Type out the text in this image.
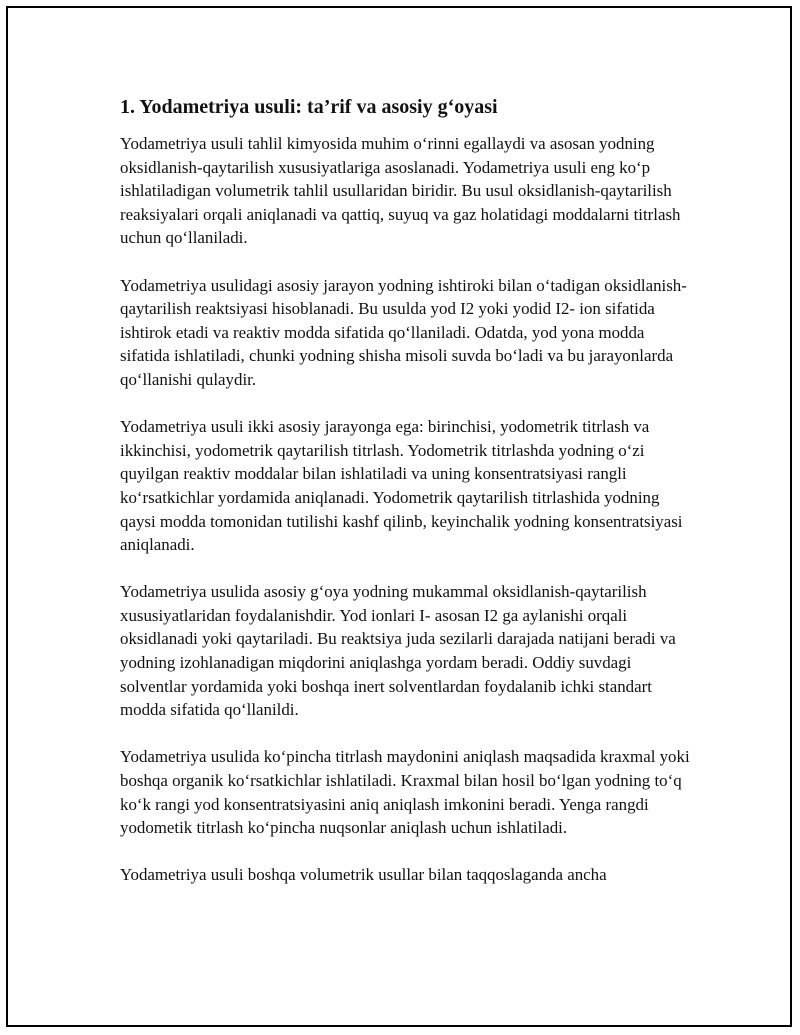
1. Yodametriya usuli: ta’rif va asosiy g‘oyasi

Yodametriya usuli tahlil kimyosida muhim o‘rinni egallaydi va asosan yodning oksidlanish-qaytarilish xususiyatlariga asoslanadi. Yodametriya usuli eng ko‘p ishlatiladigan volumetrik tahlil usullaridan biridir. Bu usul oksidlanish-qaytarilish reaksiyalari orqali aniqlanadi va qattiq, suyuq va gaz holatidagi moddalarni titrlash uchun qo‘llaniladi.

Yodametriya usulidagi asosiy jarayon yodning ishtiroki bilan o‘tadigan oksidlanish-qaytarilish reaktsiyasi hisoblanadi. Bu usulda yod I2 yoki yodid I2- ion sifatida ishtirok etadi va reaktiv modda sifatida qo‘llaniladi. Odatda, yod yona modda sifatida ishlatiladi, chunki yodning shisha misoli suvda bo‘ladi va bu jarayonlarda qo‘llanishi qulaydir.

Yodametriya usuli ikki asosiy jarayonga ega: birinchisi, yodometrik titrlash va ikkinchisi, yodometrik qaytarilish titrlash. Yodometrik titrlashda yodning o‘zi quyilgan reaktiv moddalar bilan ishlatiladi va uning konsentratsiyasi rangli ko‘rsatkichlar yordamida aniqlanadi. Yodometrik qaytarilish titrlashida yodning qaysi modda tomonidan tutilishi kashf qilinb, keyinchalik yodning konsentratsiyasi aniqlanadi.

Yodametriya usulida asosiy g‘oya yodning mukammal oksidlanish-qaytarilish xususiyatlaridan foydalanishdir. Yod ionlari I- asosan I2 ga aylanishi orqali oksidlanadi yoki qaytariladi. Bu reaktsiya juda sezilarli darajada natijani beradi va yodning izohlanadigan miqdorini aniqlashga yordam beradi. Oddiy suvdagi solventlar yordamida yoki boshqa inert solventlardan foydalanib ichki standart modda sifatida qo‘llanildi.

Yodametriya usulida ko‘pincha titrlash maydonini aniqlash maqsadida kraxmal yoki boshqa organik ko‘rsatkichlar ishlatiladi. Kraxmal bilan hosil bo‘lgan yodning to‘q ko‘k rangi yod konsentratsiyasini aniq aniqlash imkonini beradi. Yenga rangdi yodometik titrlash ko‘pincha nuqsonlar aniqlash uchun ishlatiladi.

Yodametriya usuli boshqa volumetrik usullar bilan taqqoslaganda ancha
